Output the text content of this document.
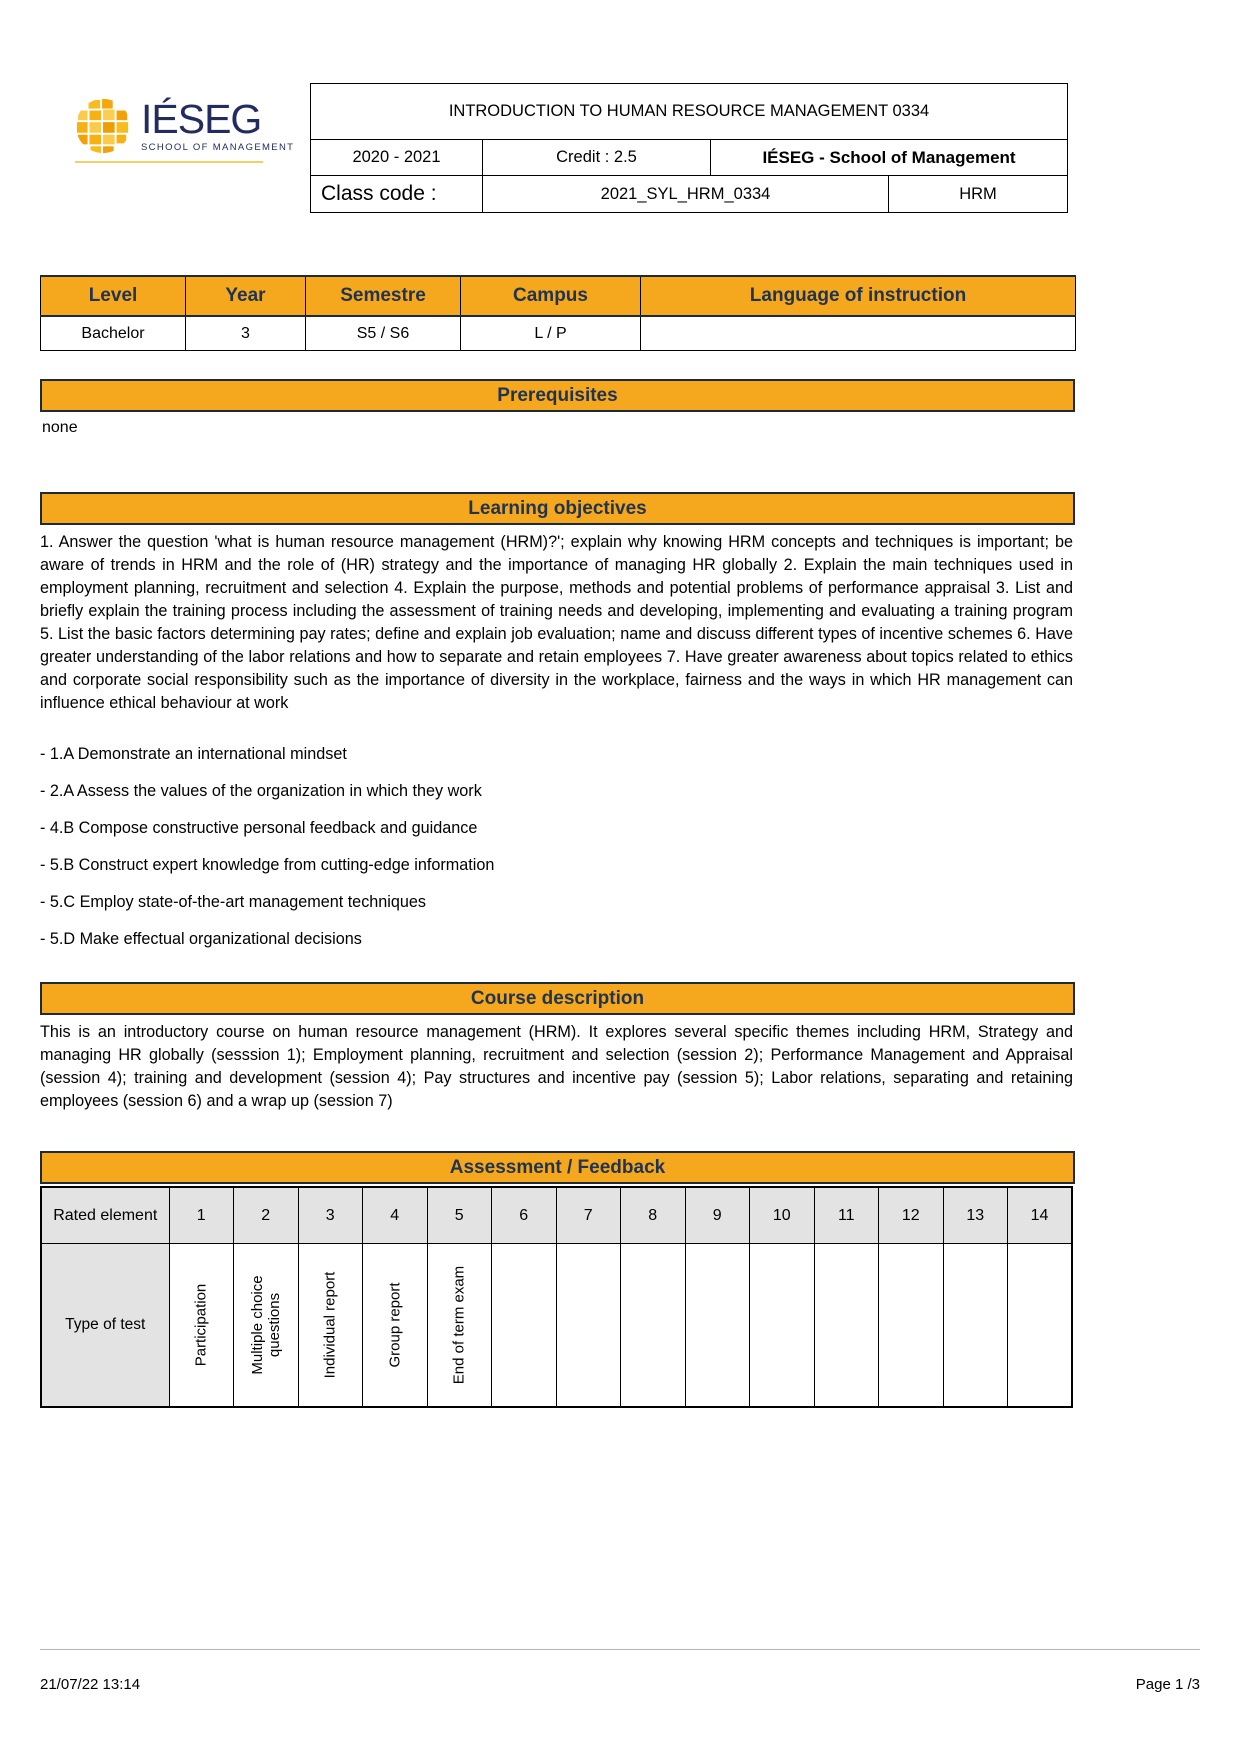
IÉSEG
SCHOOL OF MANAGEMENT
INTRODUCTION TO HUMAN RESOURCE MANAGEMENT 0334			
2020 - 2021	Credit : 2.5	IÉSEG - School of Management	
Class code :	2021_SYL_HRM_0334		HRM
Level	Year	Semestre	Campus	Language of instruction
Bachelor	3	S5 / S6	L / P	
Prerequisites
none
Learning objectives
1. Answer the question 'what is human resource management (HRM)?'; explain why knowing HRM concepts and techniques is important; be aware of trends in HRM and the role of (HR) strategy and the importance of managing HR globally 2. Explain the main techniques used in employment planning, recruitment and selection 4. Explain the purpose, methods and potential problems of performance appraisal 3. List and briefly explain the training process including the assessment of training needs and developing, implementing and evaluating a training program 5. List the basic factors determining pay rates; define and explain job evaluation; name and discuss different types of incentive schemes 6. Have greater understanding of the labor relations and how to separate and retain employees 7. Have greater awareness about topics related to ethics and corporate social responsibility such as the importance of diversity in the workplace, fairness and the ways in which HR management can influence ethical behaviour at work
- 1.A Demonstrate an international mindset
- 2.A Assess the values of the organization in which they work
- 4.B Compose constructive personal feedback and guidance
- 5.B Construct expert knowledge from cutting-edge information
- 5.C Employ state-of-the-art management techniques
- 5.D Make effectual organizational decisions
Course description
This is an introductory course on human resource management (HRM). It explores several specific themes including HRM, Strategy and managing HR globally (sesssion 1); Employment planning, recruitment and selection (session 2); Performance Management and Appraisal (session 4); training and development (session 4); Pay structures and incentive pay (session 5); Labor relations, separating and retaining employees (session 6) and a wrap up (session 7)
Assessment / Feedback
Rated element	1	2	3	4	5	6	7	8	9	10	11	12	13	14
Type of test	Participation	Multiple choice questions	Individual report	Group report	End of term exam									

21/07/22 13:14	Page 1 /3
